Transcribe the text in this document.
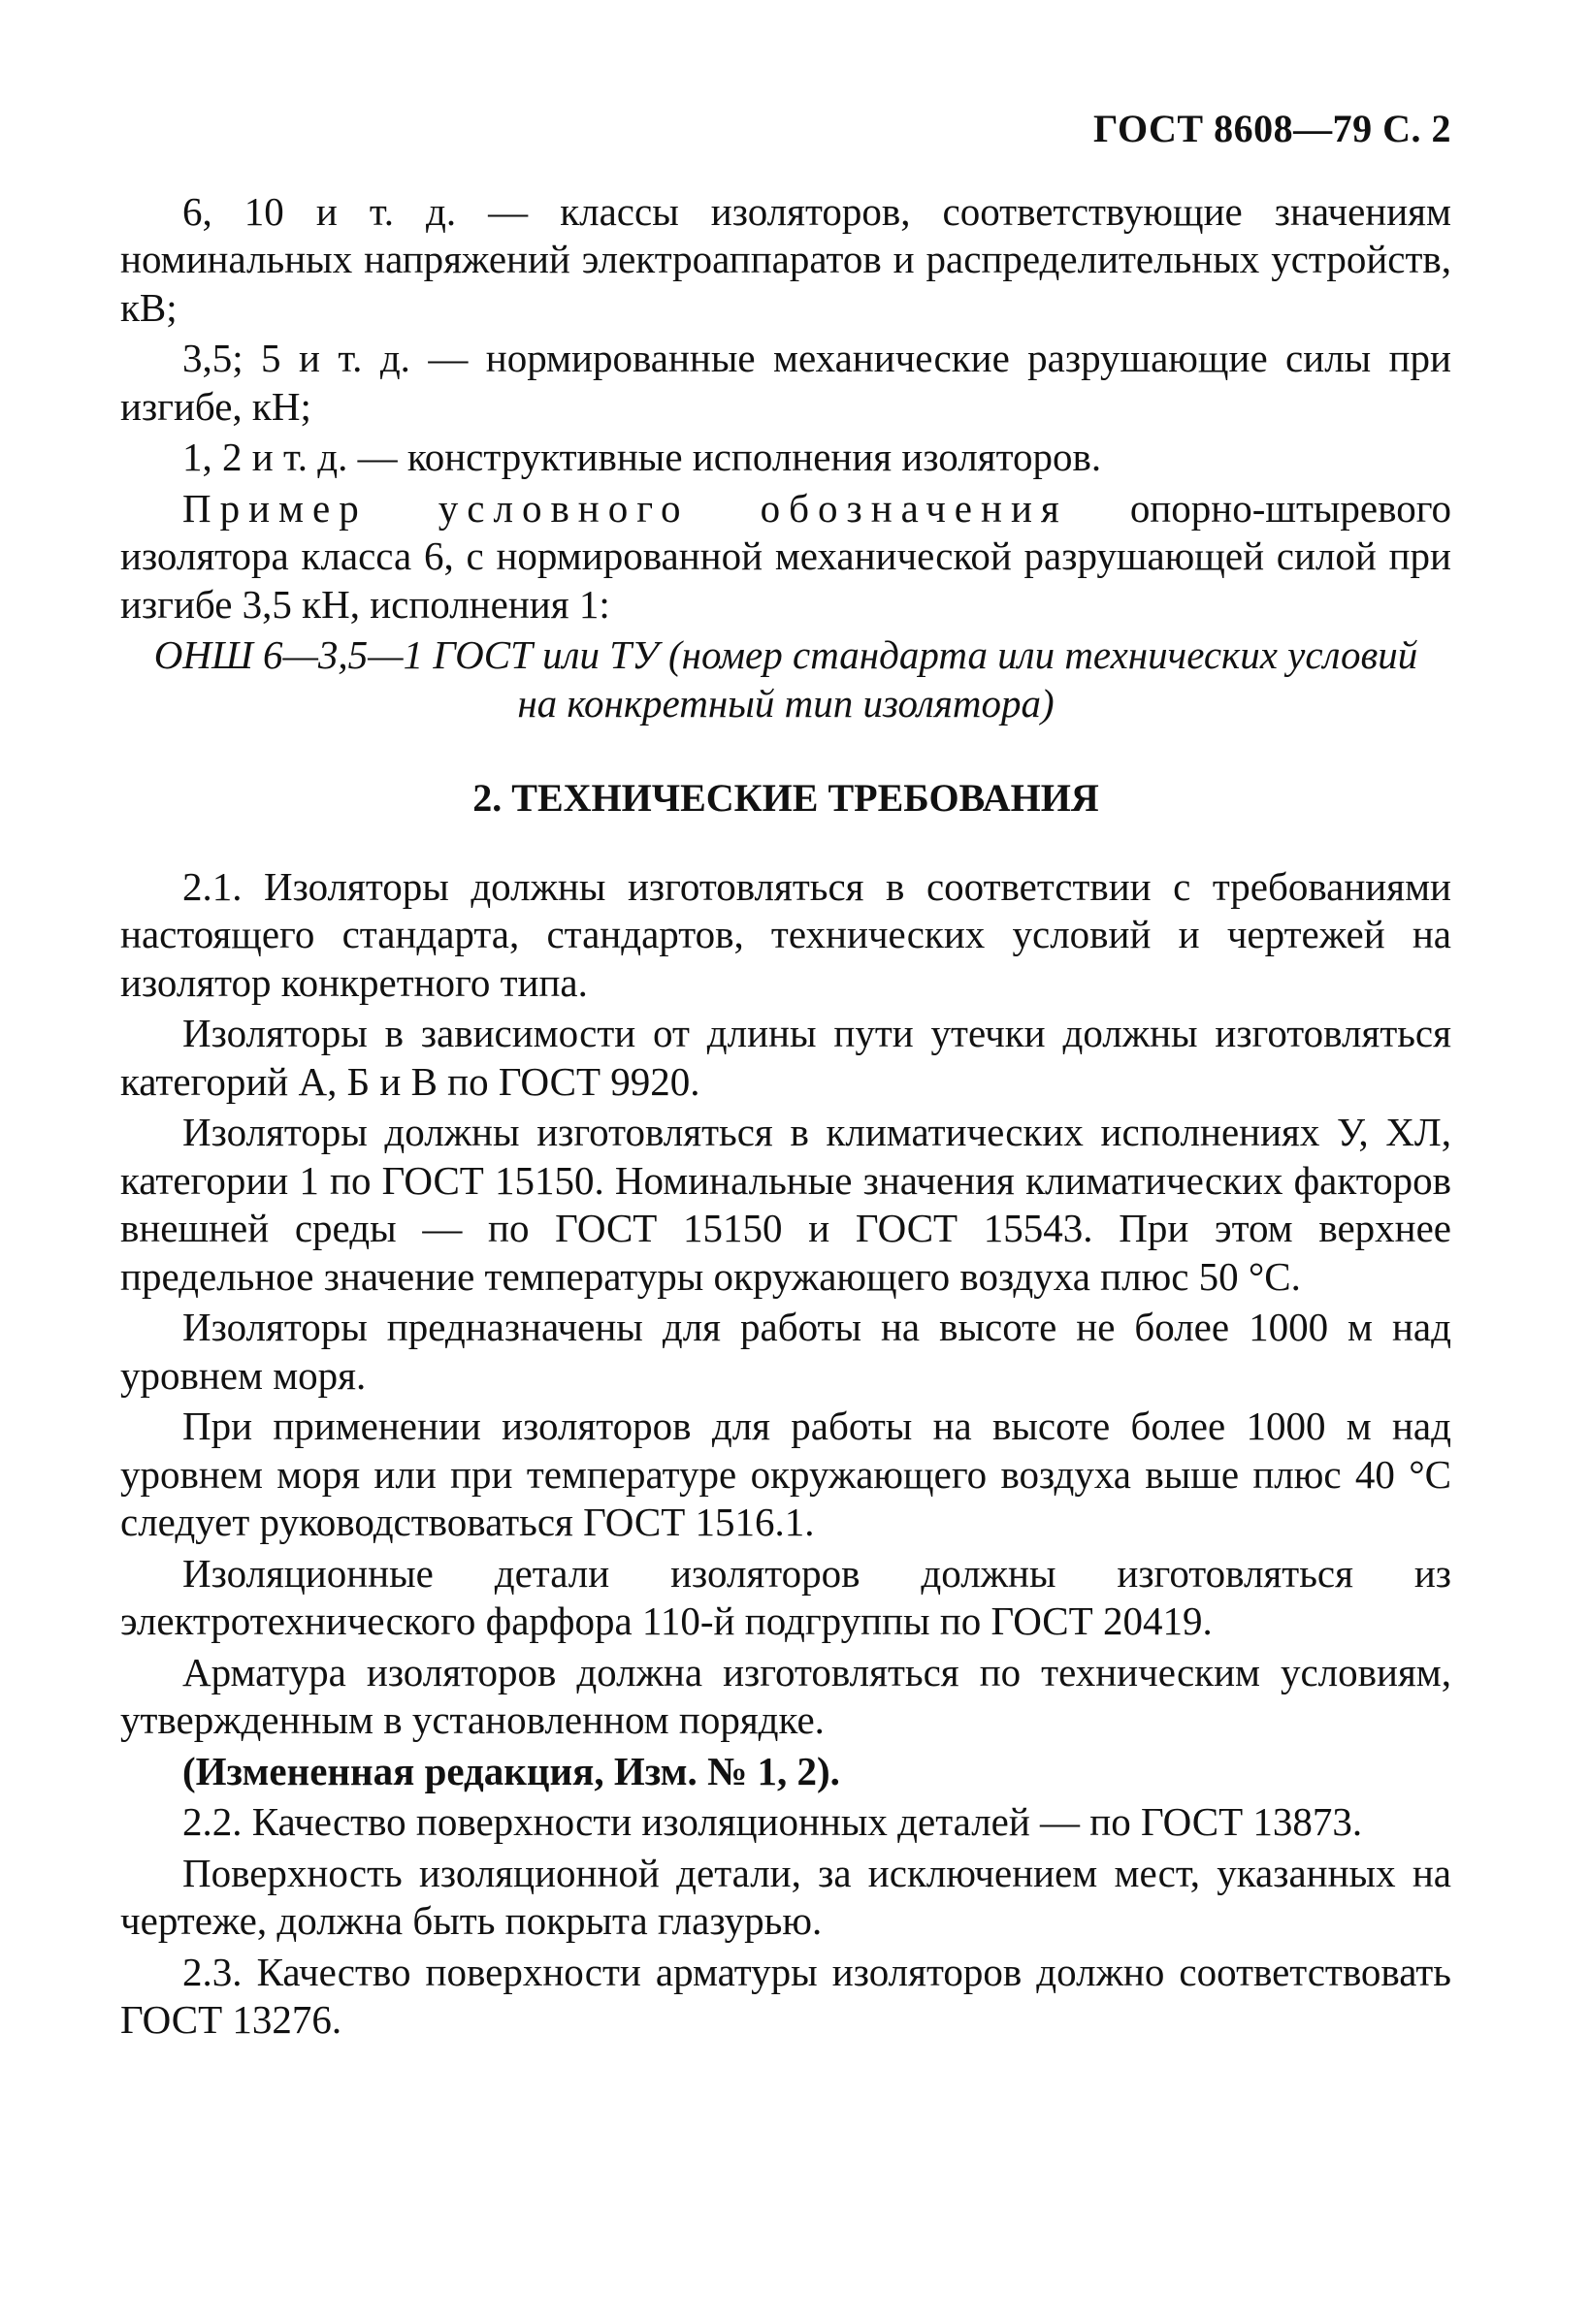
ГОСТ 8608—79 С. 2

6, 10 и т. д. — классы изоляторов, соответствующие значениям номинальных напряжений электроаппаратов и распределительных устройств, кВ;

3,5; 5 и т. д. — нормированные механические разрушающие силы при изгибе, кН;

1, 2 и т. д. — конструктивные исполнения изоляторов.

Пример условного обозначения опорно-штыревого изолятора класса 6, с нормированной механической разрушающей силой при изгибе 3,5 кН, исполнения 1:

ОНШ 6—3,5—1 ГОСТ или ТУ (номер стандарта или технических условий на конкретный тип изолятора)

2. ТЕХНИЧЕСКИЕ ТРЕБОВАНИЯ

2.1. Изоляторы должны изготовляться в соответствии с требованиями настоящего стандарта, стандартов, технических условий и чертежей на изолятор конкретного типа.

Изоляторы в зависимости от длины пути утечки должны изготовляться категорий А, Б и В по ГОСТ 9920.

Изоляторы должны изготовляться в климатических исполнениях У, ХЛ, категории 1 по ГОСТ 15150. Номинальные значения климатических факторов внешней среды — по ГОСТ 15150 и ГОСТ 15543. При этом верхнее предельное значение температуры окружающего воздуха плюс 50 °С.

Изоляторы предназначены для работы на высоте не более 1000 м над уровнем моря.

При применении изоляторов для работы на высоте более 1000 м над уровнем моря или при температуре окружающего воздуха выше плюс 40 °С следует руководствоваться ГОСТ 1516.1.

Изоляционные детали изоляторов должны изготовляться из электротехнического фарфора 110-й подгруппы по ГОСТ 20419.

Арматура изоляторов должна изготовляться по техническим условиям, утвержденным в установленном порядке.

(Измененная редакция, Изм. № 1, 2).

2.2. Качество поверхности изоляционных деталей — по ГОСТ 13873.

Поверхность изоляционной детали, за исключением мест, указанных на чертеже, должна быть покрыта глазурью.

2.3. Качество поверхности арматуры изоляторов должно соответствовать ГОСТ 13276.
